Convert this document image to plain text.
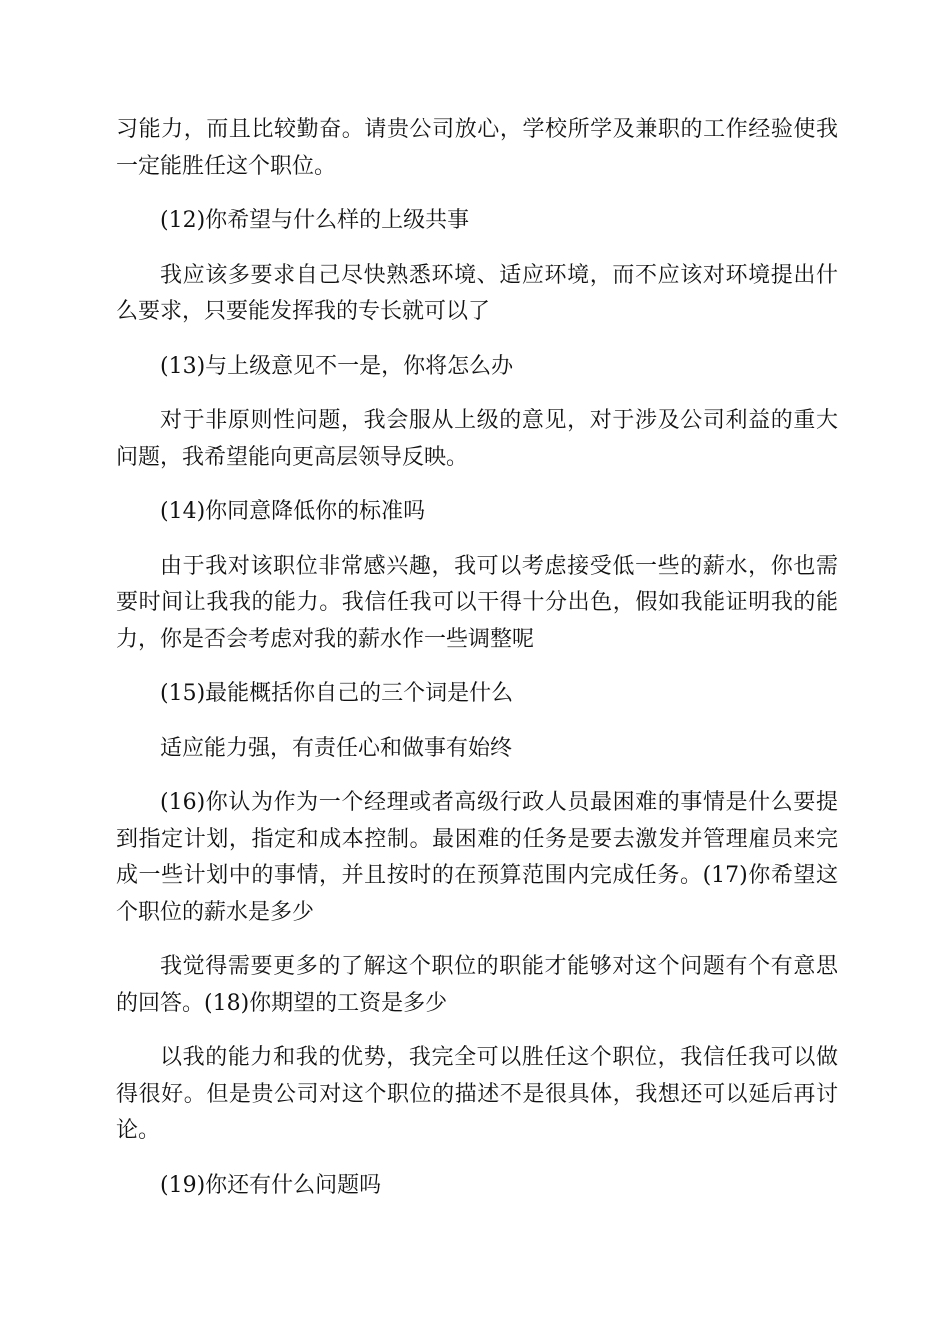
习能力，而且比较勤奋。请贵公司放心，学校所学及兼职的工作经验使我一定能胜任这个职位。

(12)你希望与什么样的上级共事

我应该多要求自己尽快熟悉环境、适应环境，而不应该对环境提出什么要求，只要能发挥我的专长就可以了

(13)与上级意见不一是，你将怎么办

对于非原则性问题，我会服从上级的意见，对于涉及公司利益的重大问题，我希望能向更高层领导反映。

(14)你同意降低你的标准吗

由于我对该职位非常感兴趣，我可以考虑接受低一些的薪水，你也需要时间让我我的能力。我信任我可以干得十分出色，假如我能证明我的能力，你是否会考虑对我的薪水作一些调整呢

(15)最能概括你自己的三个词是什么

适应能力强，有责任心和做事有始终

(16)你认为作为一个经理或者高级行政人员最困难的事情是什么要提到指定计划，指定和成本控制。最困难的任务是要去激发并管理雇员来完成一些计划中的事情，并且按时的在预算范围内完成任务。(17)你希望这个职位的薪水是多少

我觉得需要更多的了解这个职位的职能才能够对这个问题有个有意思的回答。(18)你期望的工资是多少

以我的能力和我的优势，我完全可以胜任这个职位，我信任我可以做得很好。但是贵公司对这个职位的描述不是很具体，我想还可以延后再讨论。

(19)你还有什么问题吗
